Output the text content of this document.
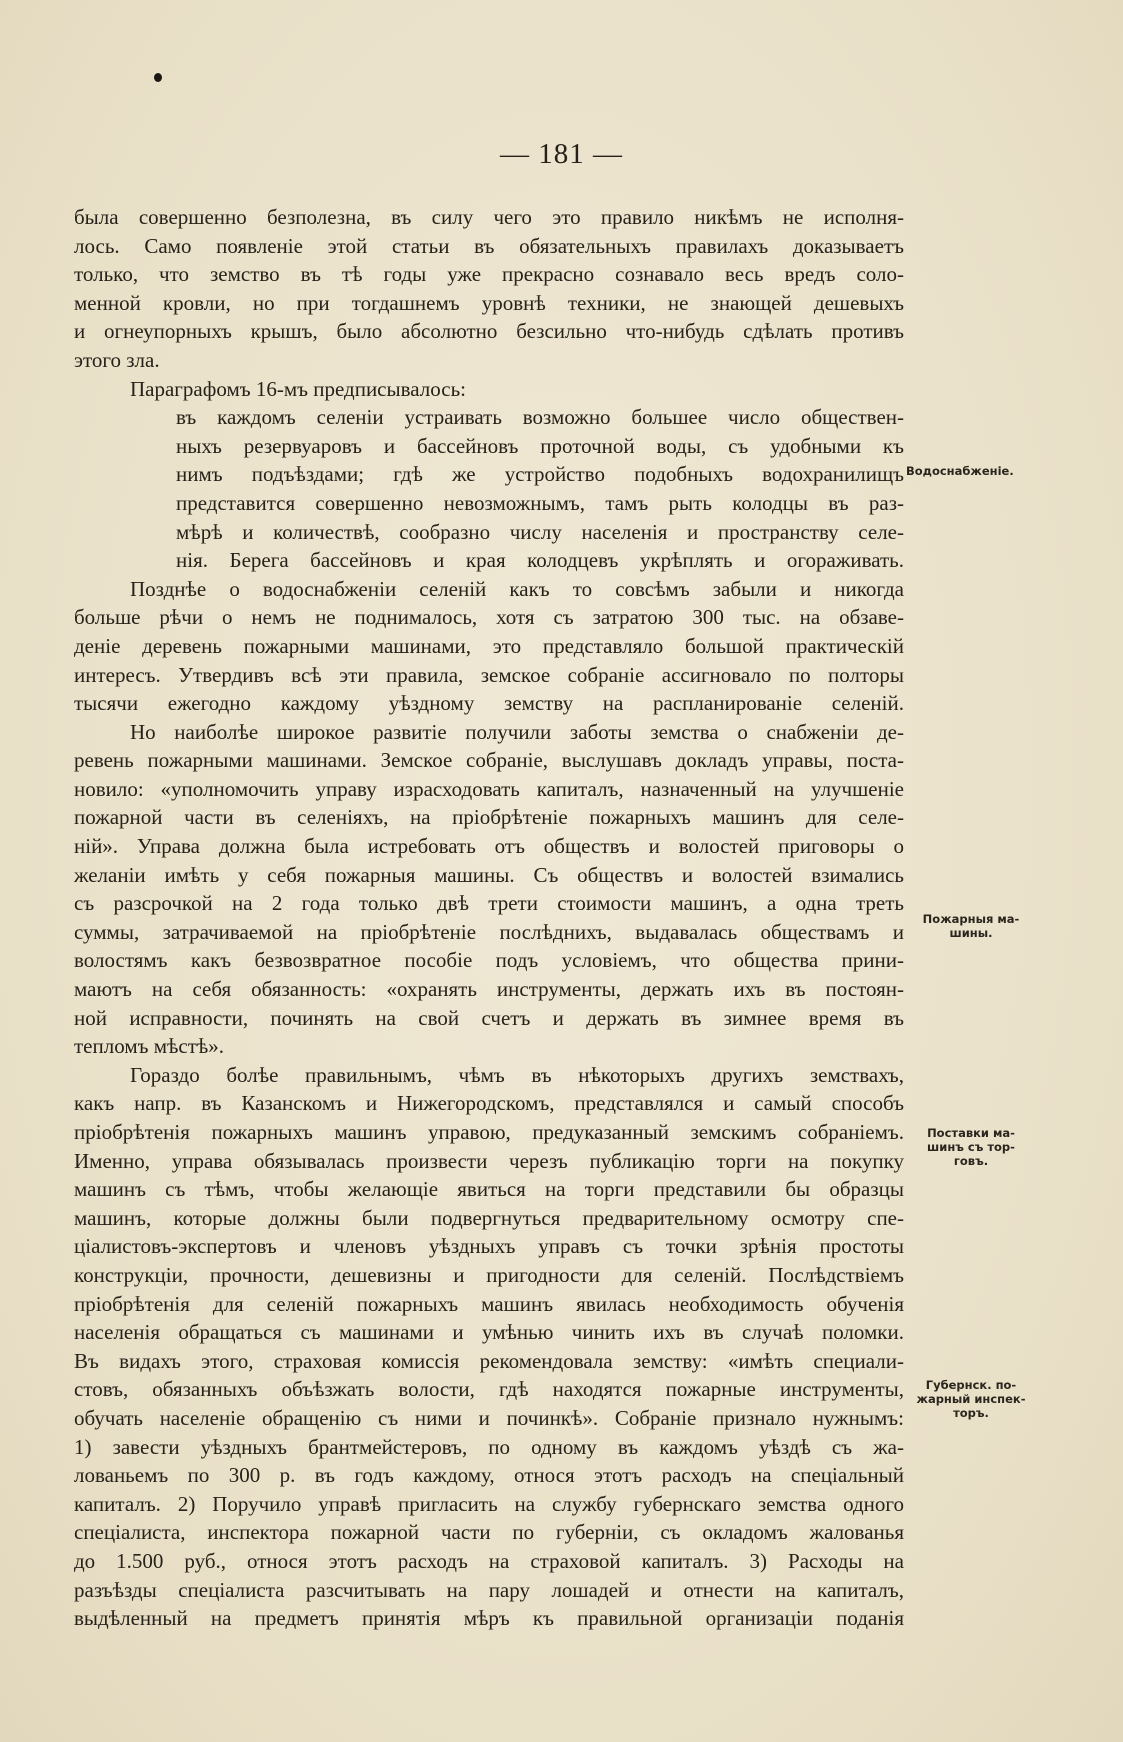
— 181 —
была совершенно безполезна, въ силу чего это правило никѣмъ не исполня-
лось. Само появленіе этой статьи въ обязательныхъ правилахъ доказываетъ
только, что земство въ тѣ годы уже прекрасно сознавало весь вредъ соло-
менной кровли, но при тогдашнемъ уровнѣ техники, не знающей дешевыхъ
и огнеупорныхъ крышъ, было абсолютно безсильно что-нибудь сдѣлать противъ
этого зла.
Параграфомъ 16-мъ предписывалось:
въ каждомъ селеніи устраивать возможно большее число обществен-
ныхъ резервуаровъ и бассейновъ проточной воды, съ удобными къ
нимъ подъѣздами; гдѣ же устройство подобныхъ водохранилищъ
представится совершенно невозможнымъ, тамъ рыть колодцы въ раз-
мѣрѣ и количествѣ, сообразно числу населенія и пространству селе-
нія. Берега бассейновъ и края колодцевъ укрѣплять и огораживать.
Позднѣе о водоснабженіи селеній какъ то совсѣмъ забыли и никогда
больше рѣчи о немъ не поднималось, хотя съ затратою 300 тыс. на обзаве-
деніе деревень пожарными машинами, это представляло большой практическій
интересъ. Утвердивъ всѣ эти правила, земское собраніе ассигновало по полторы
тысячи ежегодно каждому уѣздному земству на распланированіе селеній.
Но наиболѣе широкое развитіе получили заботы земства о снабженіи де-
ревень пожарными машинами. Земское собраніе, выслушавъ докладъ управы, поста-
новило: «уполномочить управу израсходовать капиталъ, назначенный на улучшеніе
пожарной части въ селеніяхъ, на пріобрѣтеніе пожарныхъ машинъ для селе-
ній». Управа должна была истребовать отъ обществъ и волостей приговоры о
желаніи имѣть у себя пожарныя машины. Съ обществъ и волостей взимались
съ разсрочкой на 2 года только двѣ трети стоимости машинъ, а одна треть
суммы, затрачиваемой на пріобрѣтеніе послѣднихъ, выдавалась обществамъ и
волостямъ какъ безвозвратное пособіе подъ условіемъ, что общества прини-
маютъ на себя обязанность: «охранять инструменты, держать ихъ въ постоян-
ной исправности, починять на свой счетъ и держать въ зимнее время въ
тепломъ мѣстѣ».
Гораздо болѣе правильнымъ, чѣмъ въ нѣкоторыхъ другихъ земствахъ,
какъ напр. въ Казанскомъ и Нижегородскомъ, представлялся и самый способъ
пріобрѣтенія пожарныхъ машинъ управою, предуказанный земскимъ собраніемъ.
Именно, управа обязывалась произвести черезъ публикацію торги на покупку
машинъ съ тѣмъ, чтобы желающіе явиться на торги представили бы образцы
машинъ, которые должны были подвергнуться предварительному осмотру спе-
ціалистовъ-экспертовъ и членовъ уѣздныхъ управъ съ точки зрѣнія простоты
конструкціи, прочности, дешевизны и пригодности для селеній. Послѣдствіемъ
пріобрѣтенія для селеній пожарныхъ машинъ явилась необходимость обученія
населенія обращаться съ машинами и умѣнью чинить ихъ въ случаѣ поломки.
Въ видахъ этого, страховая комиссія рекомендовала земству: «имѣть специали-
стовъ, обязанныхъ объѣзжать волости, гдѣ находятся пожарные инструменты,
обучать населеніе обращенію съ ними и починкѣ». Собраніе признало нужнымъ:
1) завести уѣздныхъ брантмейстеровъ, по одному въ каждомъ уѣздѣ съ жа-
лованьемъ по 300 р. въ годъ каждому, относя этотъ расходъ на спеціальный
капиталъ. 2) Поручило управѣ пригласить на службу губернскаго земства одного
спеціалиста, инспектора пожарной части по губерніи, съ окладомъ жалованья
до 1.500 руб., относя этотъ расходъ на страховой капиталъ. 3) Расходы на
разъѣзды спеціалиста разсчитывать на пару лошадей и отнести на капиталъ,
выдѣленный на предметъ принятія мѣръ къ правильной организаціи поданія
Водоснабженіе.
Пожарныя ма-
шины.
Поставки ма-
шинъ съ тор-
говъ.
Губернск. по-
жарный инспек-
торъ.
